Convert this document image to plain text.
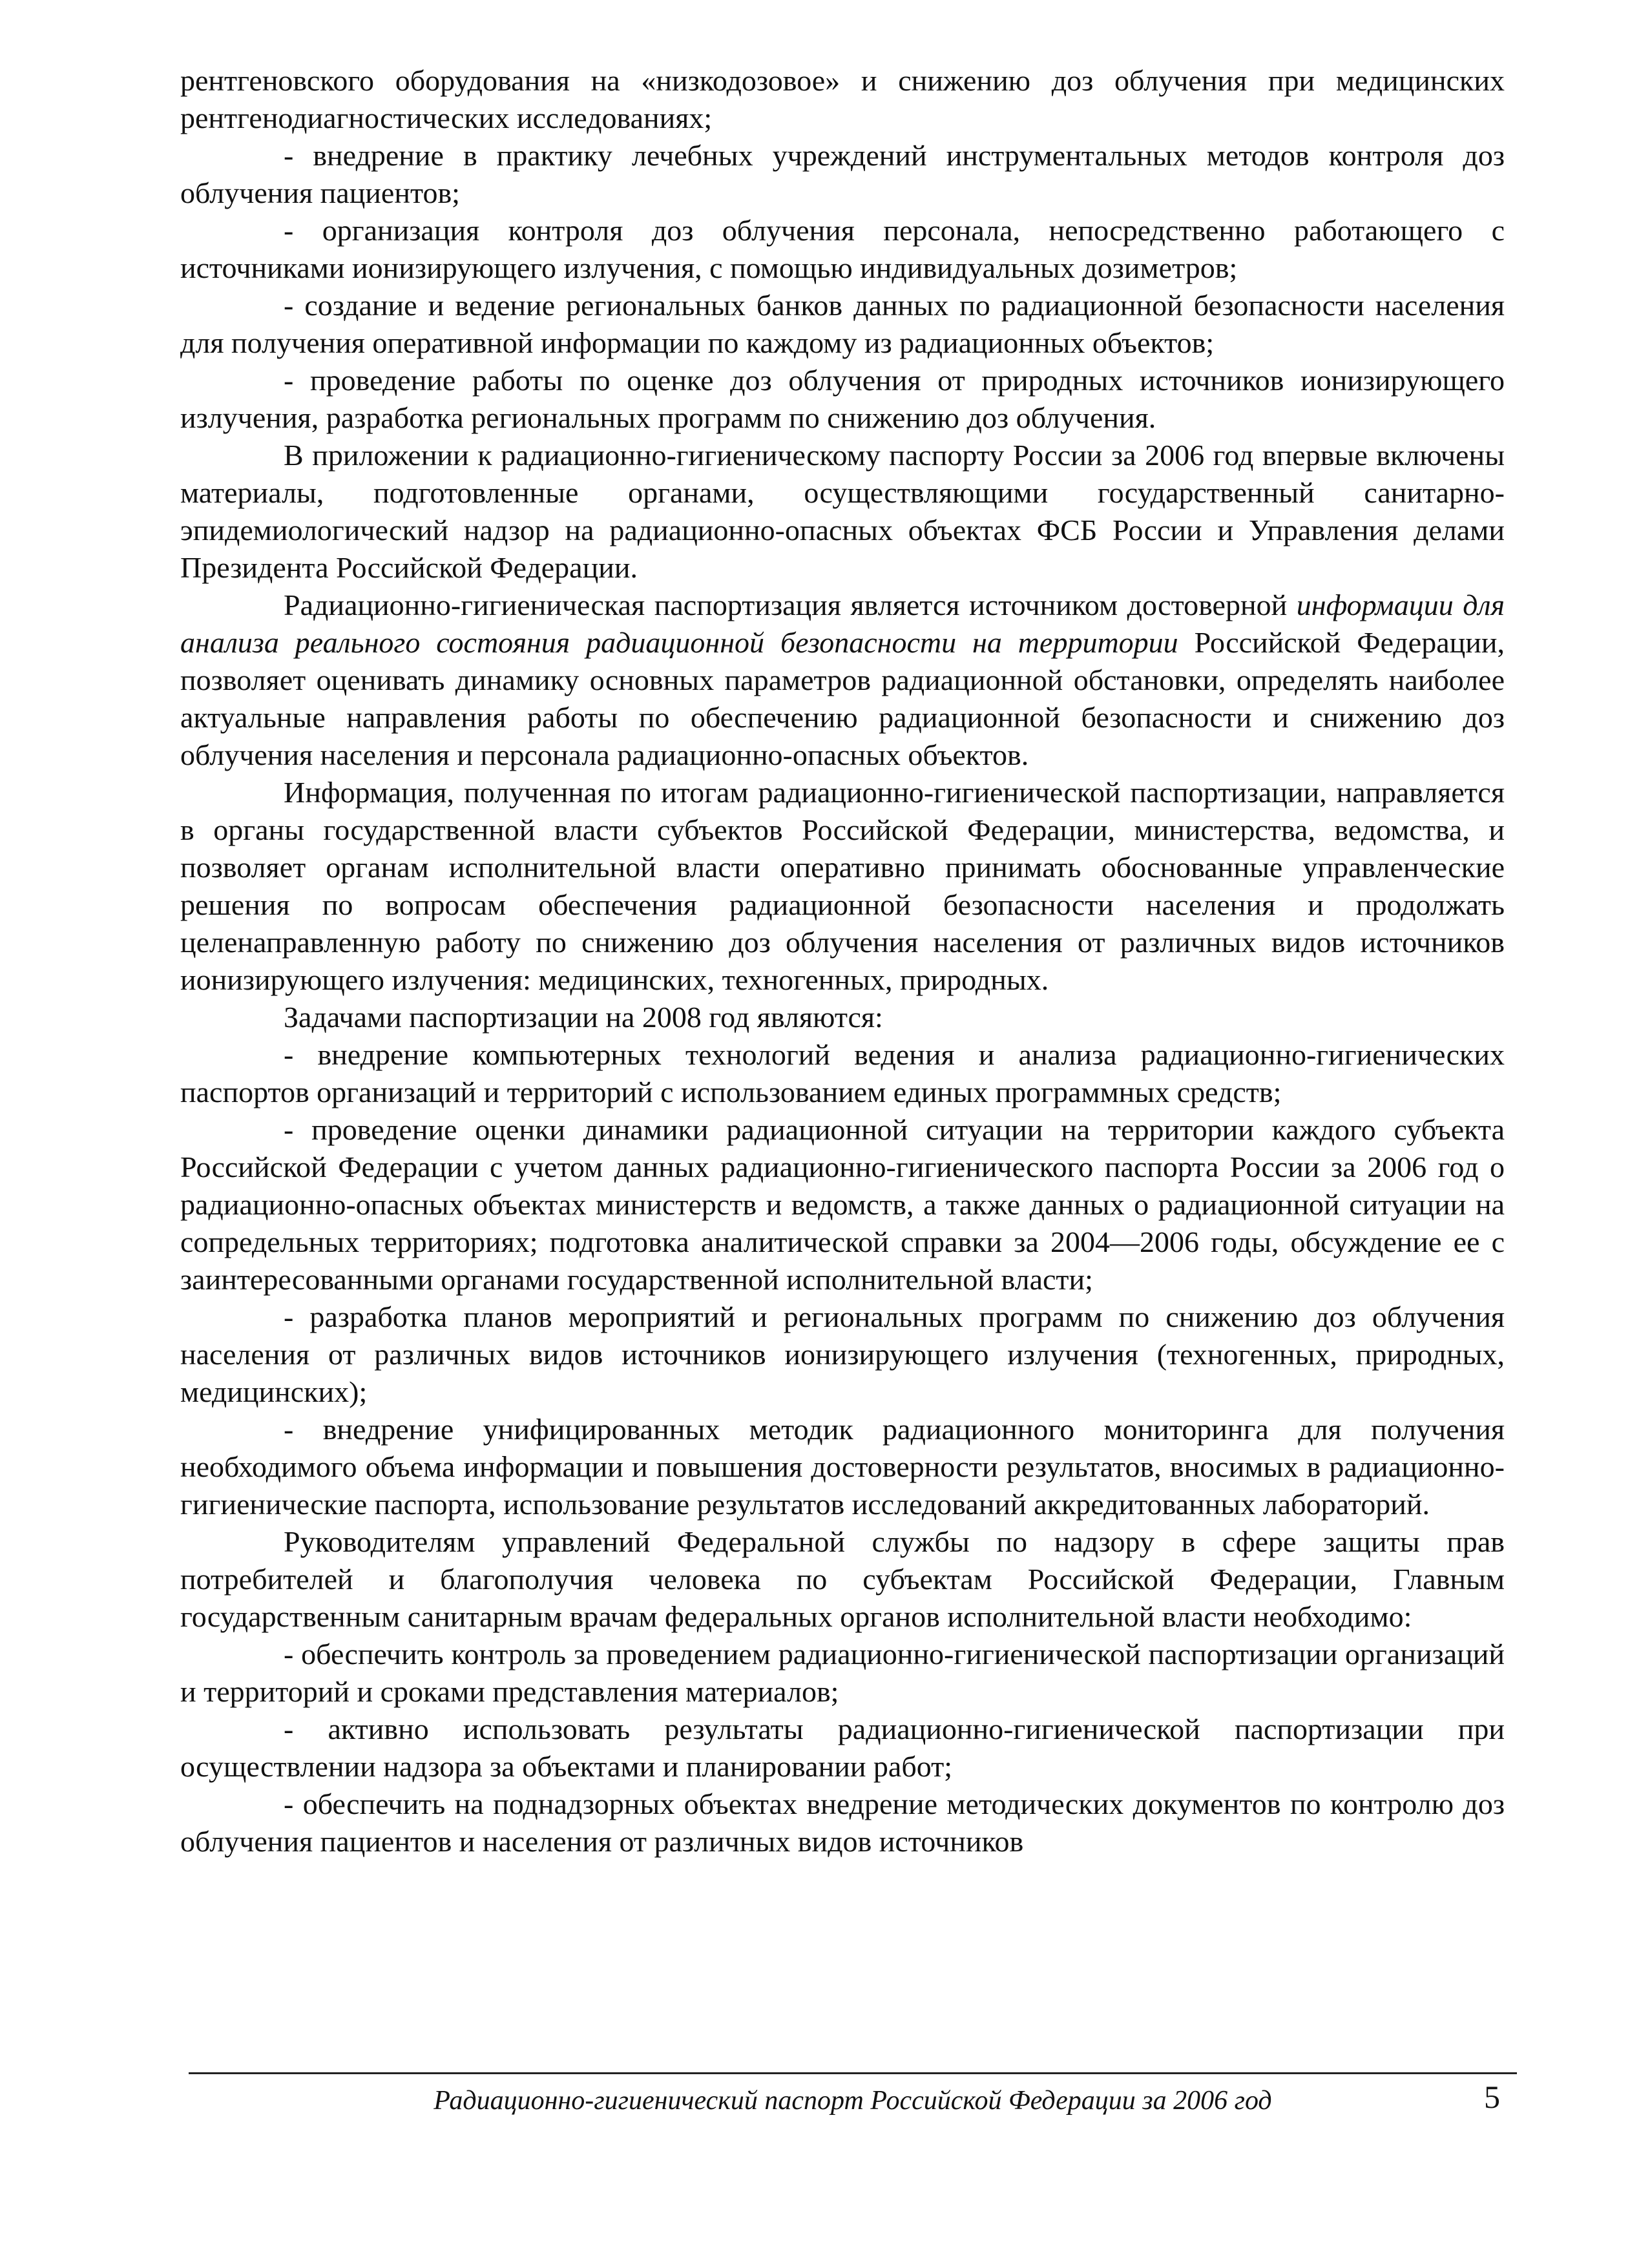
рентгеновского оборудования на «низкодозовое» и снижению доз облучения при медицинских рентгенодиагностических исследованиях;

- внедрение в практику лечебных учреждений инструментальных методов контроля доз облучения пациентов;

- организация контроля доз облучения персонала, непосредственно работающего с источниками ионизирующего излучения, с помощью индивидуальных дозиметров;

- создание и ведение региональных банков данных по радиационной безопасности населения для получения оперативной информации по каждому из радиационных объектов;

- проведение работы по оценке доз облучения от природных источников ионизирующего излучения, разработка региональных программ по снижению доз облучения.

В приложении к радиационно-гигиеническому паспорту России за 2006 год впервые включены материалы, подготовленные органами, осуществляющими государственный санитарно-эпидемиологический надзор на радиационно-опасных объектах ФСБ России и Управления делами Президента Российской Федерации.

Радиационно-гигиеническая паспортизация является источником достоверной информации для анализа реального состояния радиационной безопасности на территории Российской Федерации, позволяет оценивать динамику основных параметров радиационной обстановки, определять наиболее актуальные направления работы по обеспечению радиационной безопасности и снижению доз облучения населения и персонала радиационно-опасных объектов.

Информация, полученная по итогам радиационно-гигиенической паспортизации, направляется в органы государственной власти субъектов Российской Федерации, министерства, ведомства, и позволяет органам исполнительной власти оперативно принимать обоснованные управленческие решения по вопросам обеспечения радиационной безопасности населения и продолжать целенаправленную работу по снижению доз облучения населения от различных видов источников ионизирующего излучения: медицинских, техногенных, природных.

Задачами паспортизации на 2008 год являются:

- внедрение компьютерных технологий ведения и анализа радиационно-гигиенических паспортов организаций и территорий с использованием единых программных средств;

- проведение оценки динамики радиационной ситуации на территории каждого субъекта Российской Федерации с учетом данных радиационно-гигиенического паспорта России за 2006 год о радиационно-опасных объектах министерств и ведомств, а также данных о радиационной ситуации на сопредельных территориях; подготовка аналитической справки за 2004—2006 годы, обсуждение ее с заинтересованными органами государственной исполнительной власти;

- разработка планов мероприятий и региональных программ по снижению доз облучения населения от различных видов источников ионизирующего излучения (техногенных, природных, медицинских);

- внедрение унифицированных методик радиационного мониторинга для получения необходимого объема информации и повышения достоверности результатов, вносимых в радиационно-гигиенические паспорта, использование результатов исследований аккредитованных лабораторий.

Руководителям управлений Федеральной службы по надзору в сфере защиты прав потребителей и благополучия человека по субъектам Российской Федерации, Главным государственным санитарным врачам федеральных органов исполнительной власти необходимо:

- обеспечить контроль за проведением радиационно-гигиенической паспортизации организаций и территорий и сроками представления материалов;

- активно использовать результаты радиационно-гигиенической паспортизации при осуществлении надзора за объектами и планировании работ;

- обеспечить на поднадзорных объектах внедрение методических документов по контролю доз облучения пациентов и населения от различных видов источников

Радиационно-гигиенический паспорт Российской Федерации за 2006 год	5
